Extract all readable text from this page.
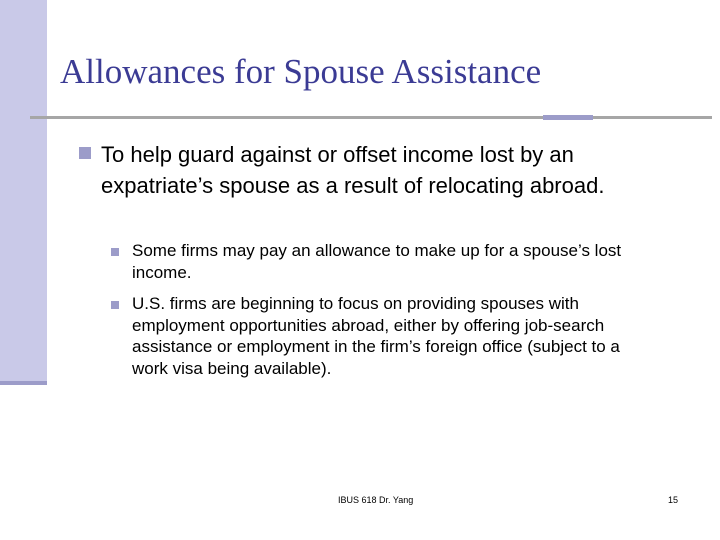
Allowances for Spouse Assistance
To help guard against or offset income lost by an expatriate’s spouse as a result of relocating abroad.
Some firms may pay an allowance to make up for a spouse’s lost income.
U.S. firms are beginning to focus on providing spouses with employment opportunities abroad, either by offering job-search assistance or employment in the firm’s foreign office (subject to a work visa being available).
IBUS 618 Dr. Yang	15
